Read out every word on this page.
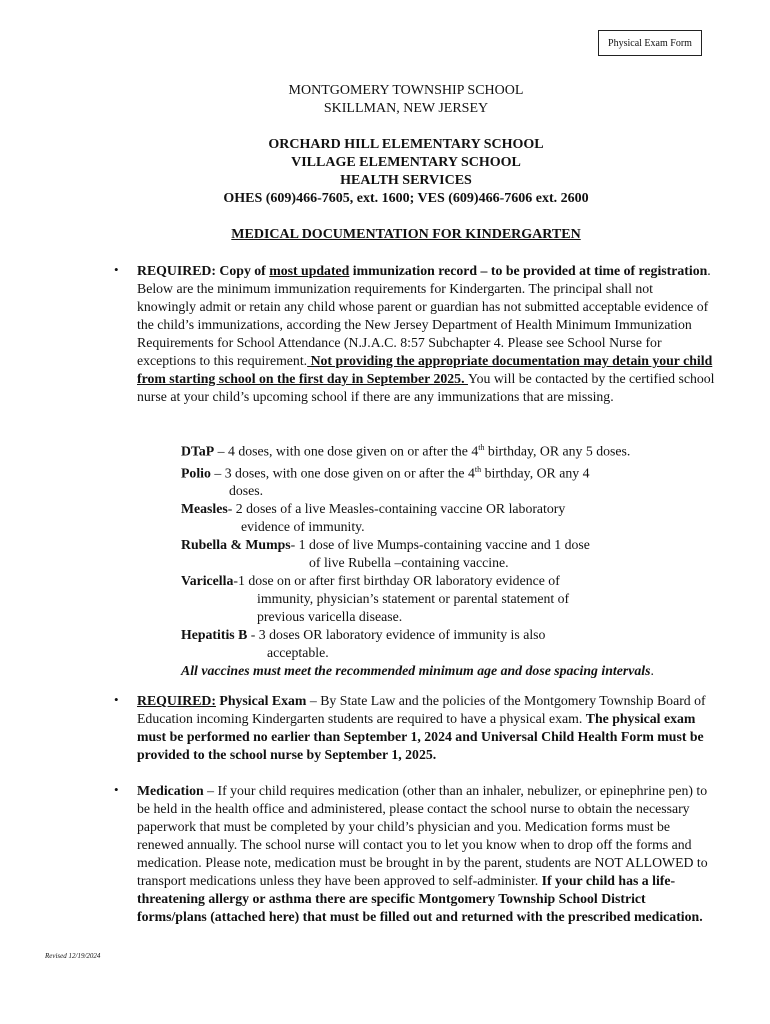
Physical Exam Form
MONTGOMERY TOWNSHIP SCHOOL
SKILLMAN, NEW JERSEY
ORCHARD HILL ELEMENTARY SCHOOL
VILLAGE ELEMENTARY SCHOOL
HEALTH SERVICES
OHES (609)466-7605, ext. 1600; VES (609)466-7606 ext. 2600
MEDICAL DOCUMENTATION FOR KINDERGARTEN
• REQUIRED: Copy of most updated immunization record – to be provided at time of registration. Below are the minimum immunization requirements for Kindergarten. The principal shall not knowingly admit or retain any child whose parent or guardian has not submitted acceptable evidence of the child’s immunizations, according the New Jersey Department of Health Minimum Immunization Requirements for School Attendance (N.J.A.C. 8:57 Subchapter 4. Please see School Nurse for exceptions to this requirement. Not providing the appropriate documentation may detain your child from starting school on the first day in September 2025. You will be contacted by the certified school nurse at your child’s upcoming school if there are any immunizations that are missing.
DTaP – 4 doses, with one dose given on or after the 4th birthday, OR any 5 doses.
Polio – 3 doses, with one dose given on or after the 4th birthday, OR any 4
doses.
Measles- 2 doses of a live Measles-containing vaccine OR laboratory
evidence of immunity.
Rubella & Mumps- 1 dose of live Mumps-containing vaccine and 1 dose
of live Rubella –containing vaccine.
Varicella-1 dose on or after first birthday OR laboratory evidence of
immunity, physician’s statement or parental statement of
previous varicella disease.
Hepatitis B - 3 doses OR laboratory evidence of immunity is also
acceptable.
All vaccines must meet the recommended minimum age and dose spacing intervals.
• REQUIRED: Physical Exam – By State Law and the policies of the Montgomery Township Board of Education incoming Kindergarten students are required to have a physical exam. The physical exam must be performed no earlier than September 1, 2024 and Universal Child Health Form must be provided to the school nurse by September 1, 2025.
• Medication – If your child requires medication (other than an inhaler, nebulizer, or epinephrine pen) to be held in the health office and administered, please contact the school nurse to obtain the necessary paperwork that must be completed by your child’s physician and you. Medication forms must be renewed annually. The school nurse will contact you to let you know when to drop off the forms and medication. Please note, medication must be brought in by the parent, students are NOT ALLOWED to transport medications unless they have been approved to self-administer. If your child has a life-threatening allergy or asthma there are specific Montgomery Township School District forms/plans (attached here) that must be filled out and returned with the prescribed medication.
Revised 12/19/2024
